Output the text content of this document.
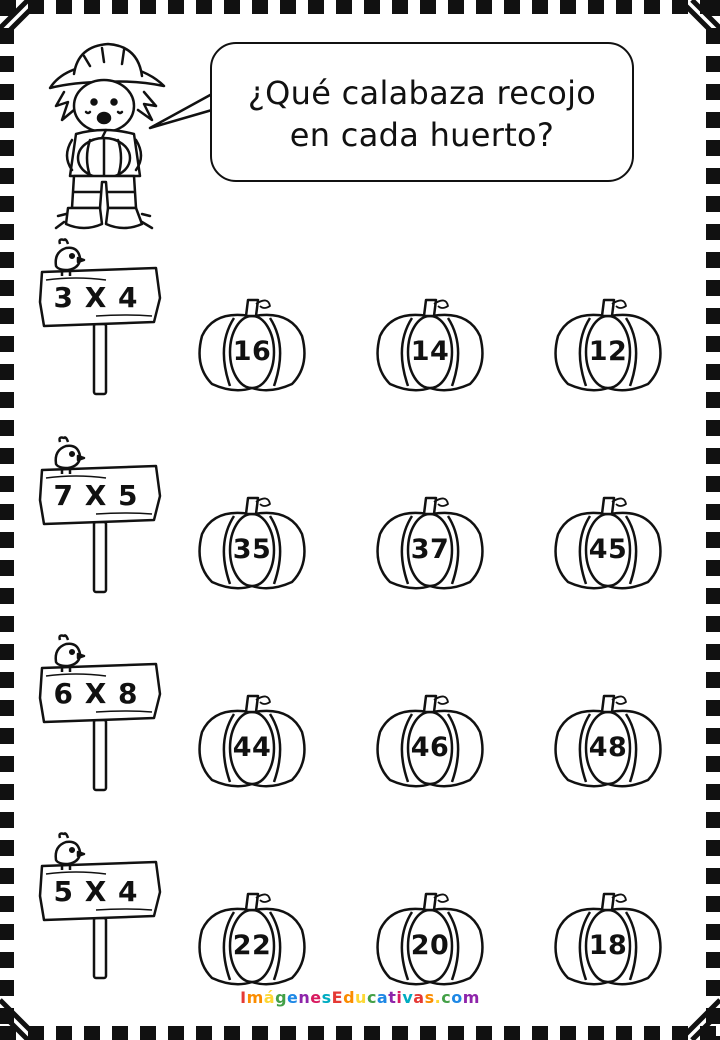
¿Qué calabaza recojo
en cada huerto?
3 X 4
16	14	12
7 X 5
35	37	45
6 X 8
44	46	48
5 X 4
22	20	18
ImágenesEducativas.com
